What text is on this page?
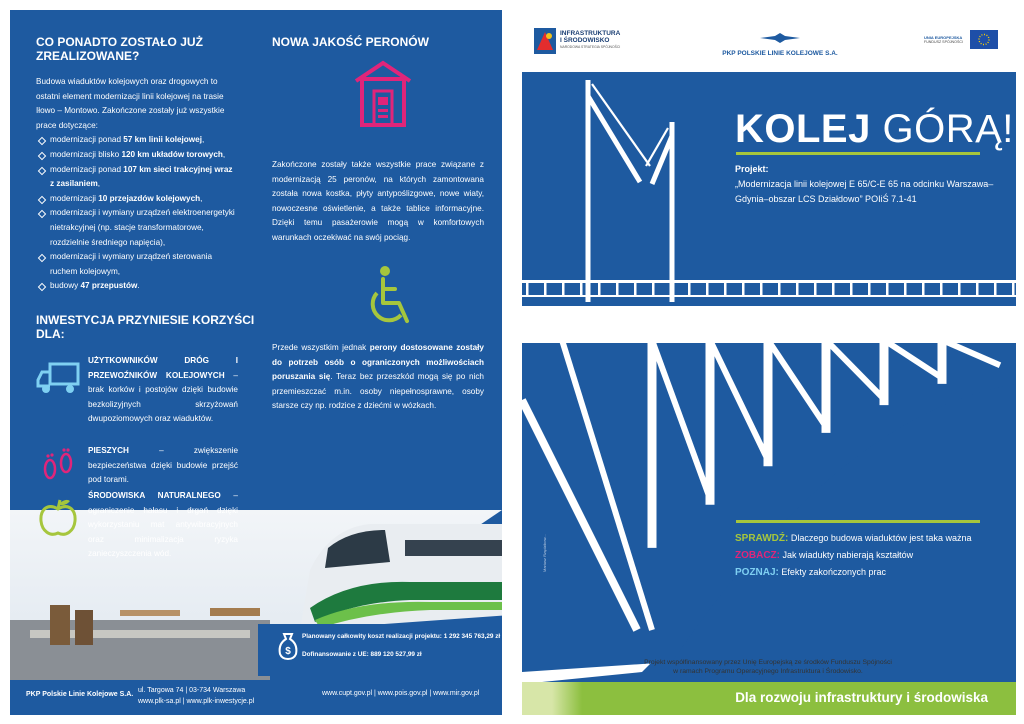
CO PONADTO ZOSTAŁO JUŻ ZREALIZOWANE?
Budowa wiaduktów kolejowych oraz drogowych to ostatni element modernizacji linii kolejowej na trasie Iłowo – Montowo. Zakończone zostały już wszystkie prace dotyczące:
modernizacji ponad 57 km linii kolejowej,
modernizacji blisko 120 km układów torowych,
modernizacji ponad 107 km sieci trakcyjnej wraz z zasilaniem,
modernizacji 10 przejazdów kolejowych,
modernizacji i wymiany urządzeń elektroenergetyki nietrakcyjnej (np. stacje transformatorowe, rozdzielnie średniego napięcia),
modernizacji i wymiany urządzeń sterowania ruchem kolejowym,
budowy 47 przepustów.
NOWA JAKOŚĆ PERONÓW
Zakończone zostały także wszystkie prace związane z modernizacją 25 peronów, na których zamontowana została nowa kostka, płyty antypoślizgowe, nowe wiaty, nowoczesne oświetlenie, a także tablice informacyjne. Dzięki temu pasażerowie mogą w komfortowych warunkach oczekiwać na swój pociąg.
Przede wszystkim jednak perony dostosowane zostały do potrzeb osób o ograniczonych możliwościach poruszania się. Teraz bez przeszkód mogą się po nich przemieszczać m.in. osoby niepełnosprawne, osoby starsze czy np. rodzice z dziećmi w wózkach.
INWESTYCJA PRZYNIESIE KORZYŚCI DLA:
UŻYTKOWNIKÓW DRÓG I PRZEWOŹNIKÓW KOLEJOWYCH – brak korków i postojów dzięki budowie bezkolizyjnych skrzyżowań dwupoziomowych oraz wiaduktów.
PIESZYCH – zwiększenie bezpieczeństwa dzięki budowie przejść pod torami.
ŚRODOWISKA NATURALNEGO – ograniczenie hałasu i drgań dzięki wykorzystaniu mat antywibracyjnych oraz minimalizacja ryzyka zanieczyszczenia wód.
$
Planowany całkowity koszt realizacji projektu: 1 292 345 763,29 zł
Dofinansowanie z UE: 889 120 527,99 zł
PKP Polskie Linie Kolejowe S.A.
ul. Targowa 74 | 03-734 Warszawa
www.plk-sa.pl | www.plk-inwestycje.pl
www.cupt.gov.pl | www.pois.gov.pl | www.mir.gov.pl
INFRASTRUKTURA
I ŚRODOWISKO
NARODOWA STRATEGIA SPÓJNOŚCI
PKP POLSKIE LINIE KOLEJOWE S.A.
UNIA EUROPEJSKA
FUNDUSZ SPÓJNOŚCI
Mariusz Rzędzikow...
KOLEJ GÓRĄ!
Projekt:
„Modernizacja linii kolejowej E 65/C-E 65 na odcinku Warszawa–Gdynia–obszar LCS Działdowo” POIiŚ 7.1-41
SPRAWDŹ: Dlaczego budowa wiaduktów jest taka ważna
ZOBACZ: Jak wiadukty nabierają kształtów
POZNAJ: Efekty zakończonych prac
Projekt współfinansowany przez Unię Europejską ze środków Funduszu Spójności
w ramach Programu Operacyjnego Infrastruktura i Środowisko.
Dla rozwoju infrastruktury i środowiska
